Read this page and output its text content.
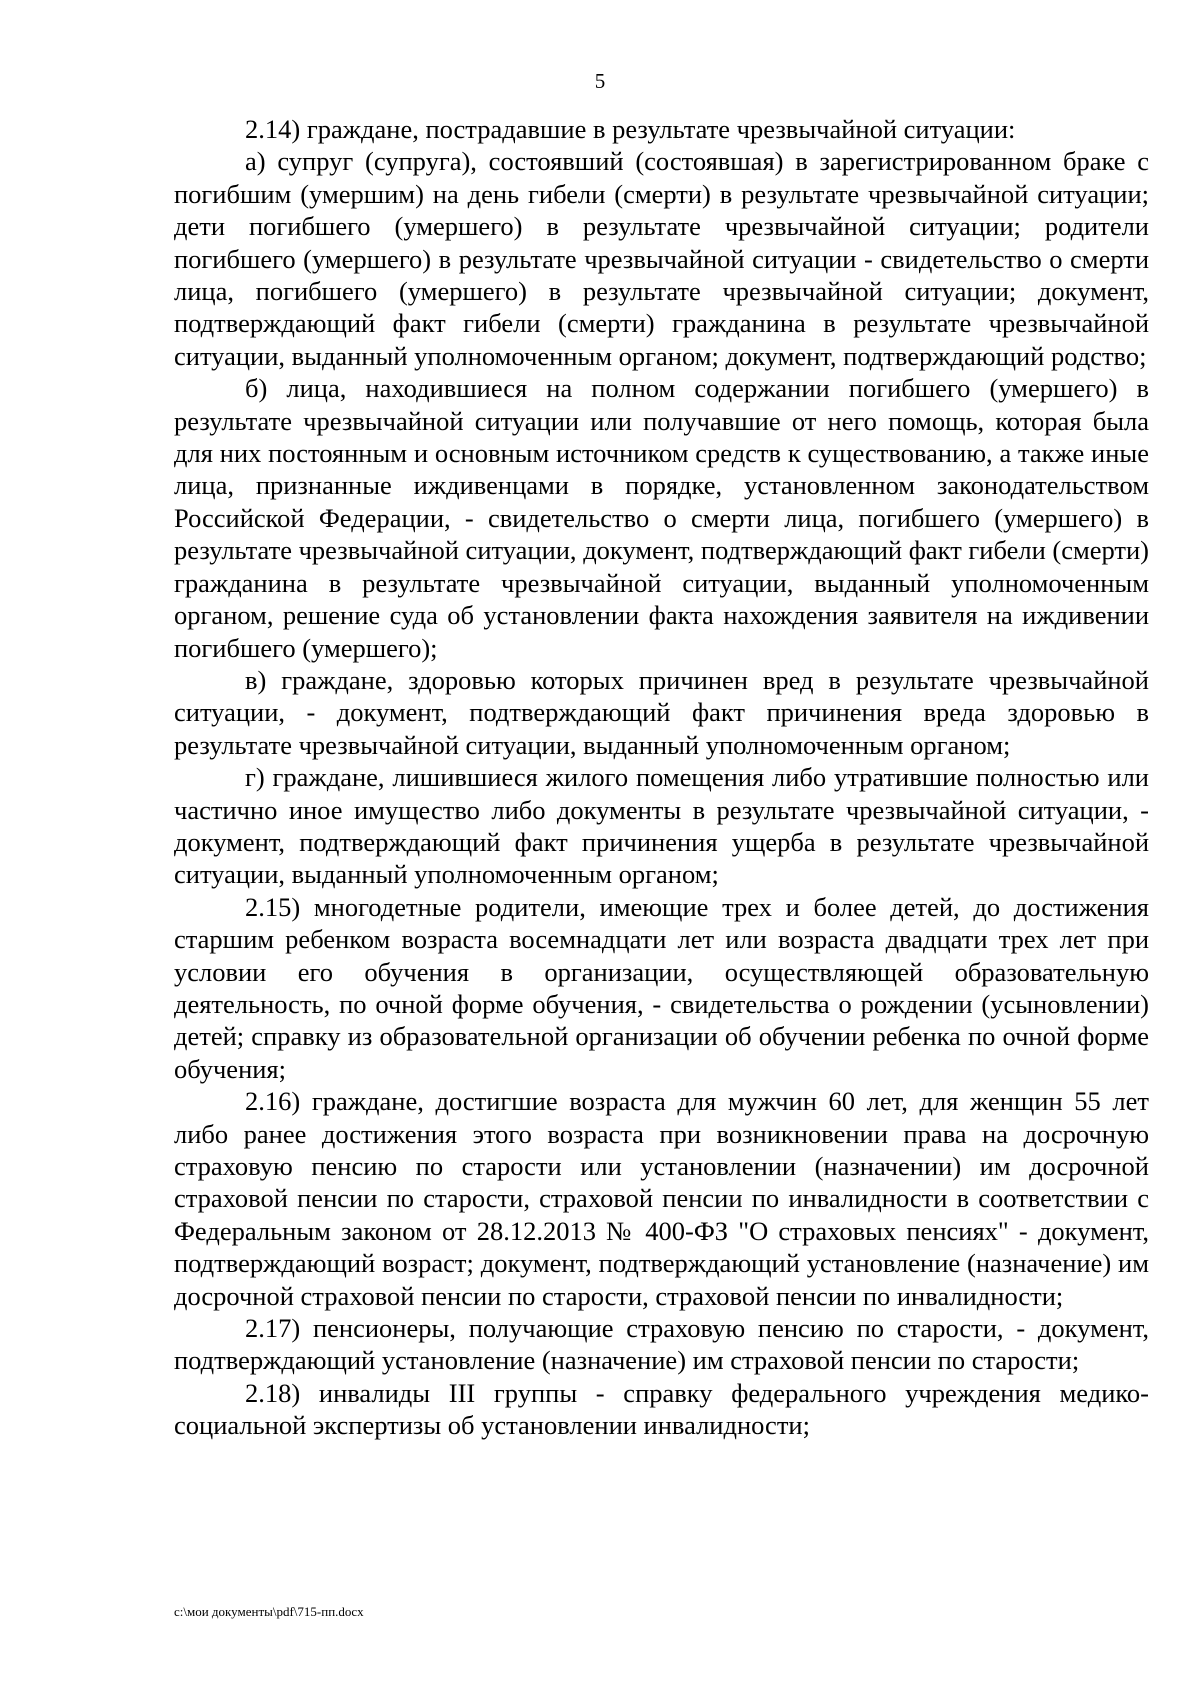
5

2.14) граждане, пострадавшие в результате чрезвычайной ситуации:

а) супруг (супруга), состоявший (состоявшая) в зарегистрированном браке с погибшим (умершим) на день гибели (смерти) в результате чрезвычайной ситуации; дети погибшего (умершего) в результате чрезвычайной ситуации; родители погибшего (умершего) в результате чрезвычайной ситуации - свидетельство о смерти лица, погибшего (умершего) в результате чрезвычайной ситуации; документ, подтверждающий факт гибели (смерти) гражданина в результате чрезвычайной ситуации, выданный уполномоченным органом; документ, подтверждающий родство;

б) лица, находившиеся на полном содержании погибшего (умершего) в результате чрезвычайной ситуации или получавшие от него помощь, которая была для них постоянным и основным источником средств к существованию, а также иные лица, признанные иждивенцами в порядке, установленном законодательством Российской Федерации, - свидетельство о смерти лица, погибшего (умершего) в результате чрезвычайной ситуации, документ, подтверждающий факт гибели (смерти) гражданина в результате чрезвычайной ситуации, выданный уполномоченным органом, решение суда об установлении факта нахождения заявителя на иждивении погибшего (умершего);

в) граждане, здоровью которых причинен вред в результате чрезвычайной ситуации, - документ, подтверждающий факт причинения вреда здоровью в результате чрезвычайной ситуации, выданный уполномоченным органом;

г) граждане, лишившиеся жилого помещения либо утратившие полностью или частично иное имущество либо документы в результате чрезвычайной ситуации, - документ, подтверждающий факт причинения ущерба в результате чрезвычайной ситуации, выданный уполномоченным органом;

2.15) многодетные родители, имеющие трех и более детей, до достижения старшим ребенком возраста восемнадцати лет или возраста двадцати трех лет при условии его обучения в организации, осуществляющей образовательную деятельность, по очной форме обучения, - свидетельства о рождении (усыновлении) детей; справку из образовательной организации об обучении ребенка по очной форме обучения;

2.16) граждане, достигшие возраста для мужчин 60 лет, для женщин 55 лет либо ранее достижения этого возраста при возникновении права на досрочную страховую пенсию по старости или установлении (назначении) им досрочной страховой пенсии по старости, страховой пенсии по инвалидности в соответствии с Федеральным законом от 28.12.2013 № 400-ФЗ "О страховых пенсиях" - документ, подтверждающий возраст; документ, подтверждающий установление (назначение) им досрочной страховой пенсии по старости, страховой пенсии по инвалидности;

2.17) пенсионеры, получающие страховую пенсию по старости, - документ, подтверждающий установление (назначение) им страховой пенсии по старости;

2.18) инвалиды III группы - справку федерального учреждения медико-социальной экспертизы об установлении инвалидности;

c:\мои документы\pdf\715-пп.docx
